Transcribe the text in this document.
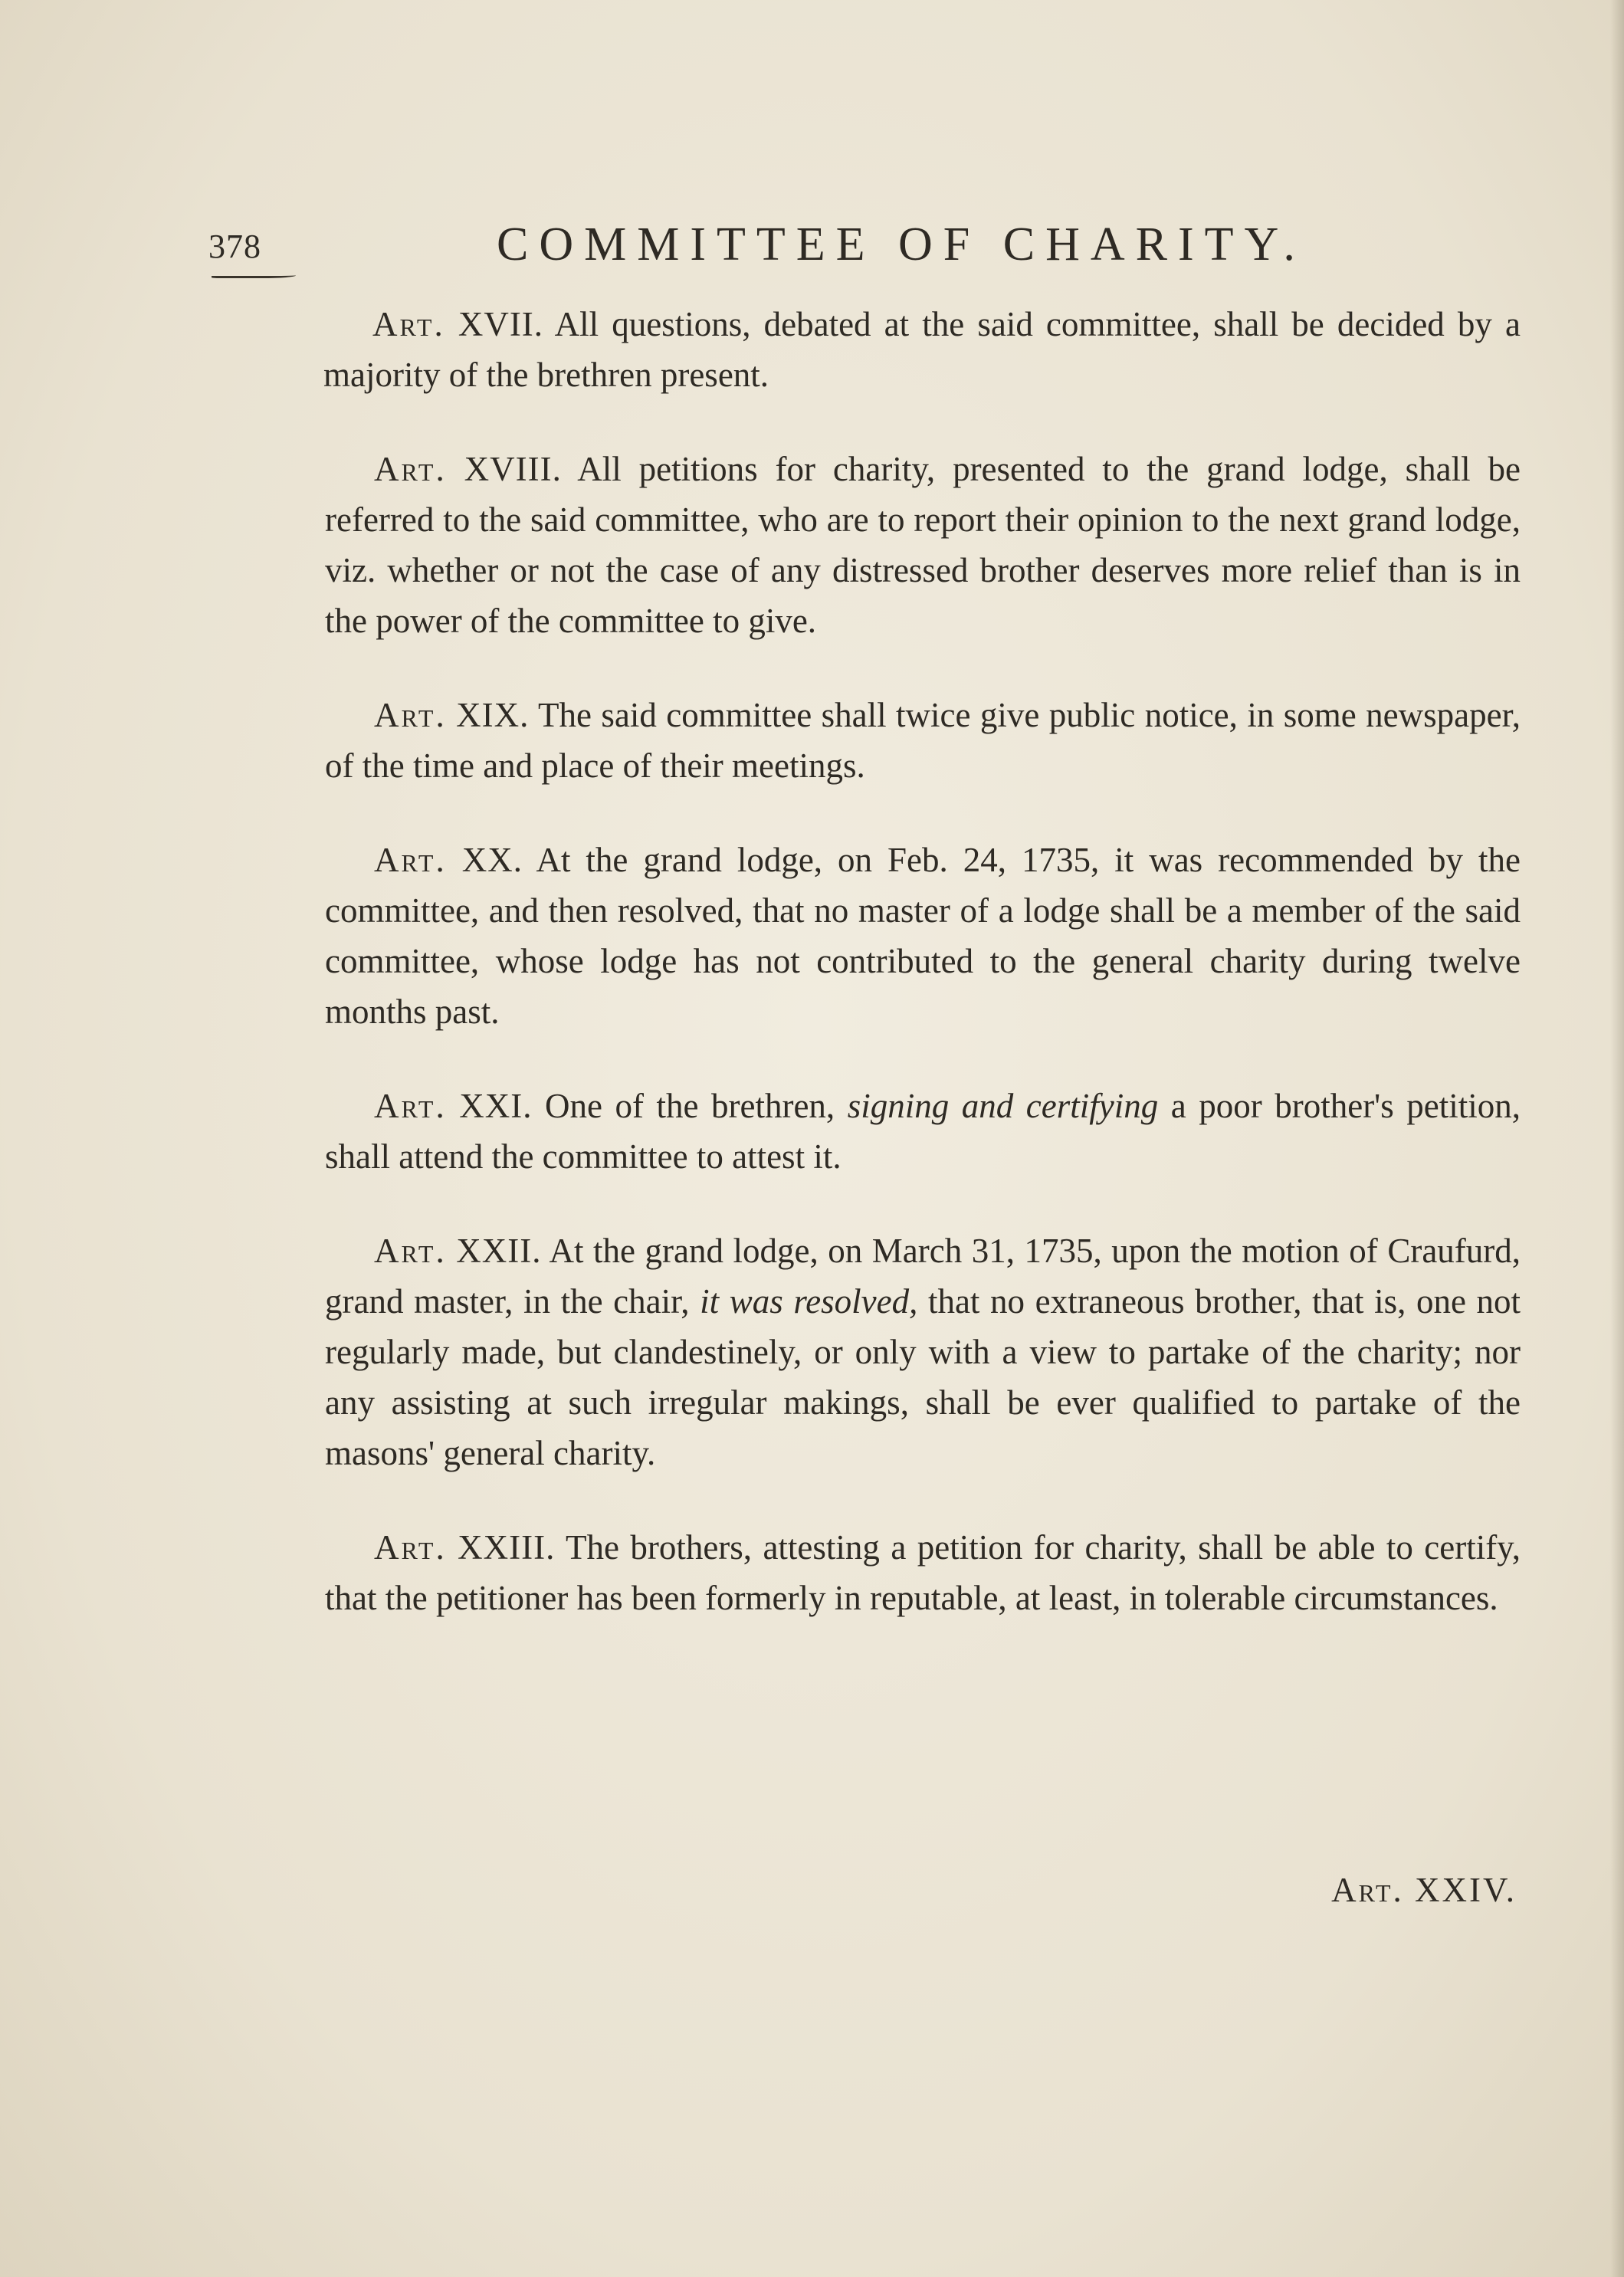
378	COMMITTEE OF CHARITY.

Art. XVII. All questions, debated at the said committee, shall be decided by a majority of the brethren present.

Art. XVIII. All petitions for charity, presented to the grand lodge, shall be referred to the said committee, who are to report their opinion to the next grand lodge, viz. whether or not the case of any distressed brother deserves more relief than is in the power of the committee to give.

Art. XIX. The said committee shall twice give public notice, in some newspaper, of the time and place of their meetings.

Art. XX. At the grand lodge, on Feb. 24, 1735, it was recommended by the committee, and then resolved, that no master of a lodge shall be a member of the said committee, whose lodge has not contributed to the general charity during twelve months past.

Art. XXI. One of the brethren, signing and certifying a poor brother's petition, shall attend the committee to attest it.

Art. XXII. At the grand lodge, on March 31, 1735, upon the motion of Craufurd, grand master, in the chair, it was resolved, that no extraneous brother, that is, one not regularly made, but clandestinely, or only with a view to partake of the charity; nor any assisting at such irregular makings, shall be ever qualified to partake of the masons' general charity.

Art. XXIII. The brothers, attesting a petition for charity, shall be able to certify, that the petitioner has been formerly in reputable, at least, in tolerable circumstances.

Art. XXIV.
